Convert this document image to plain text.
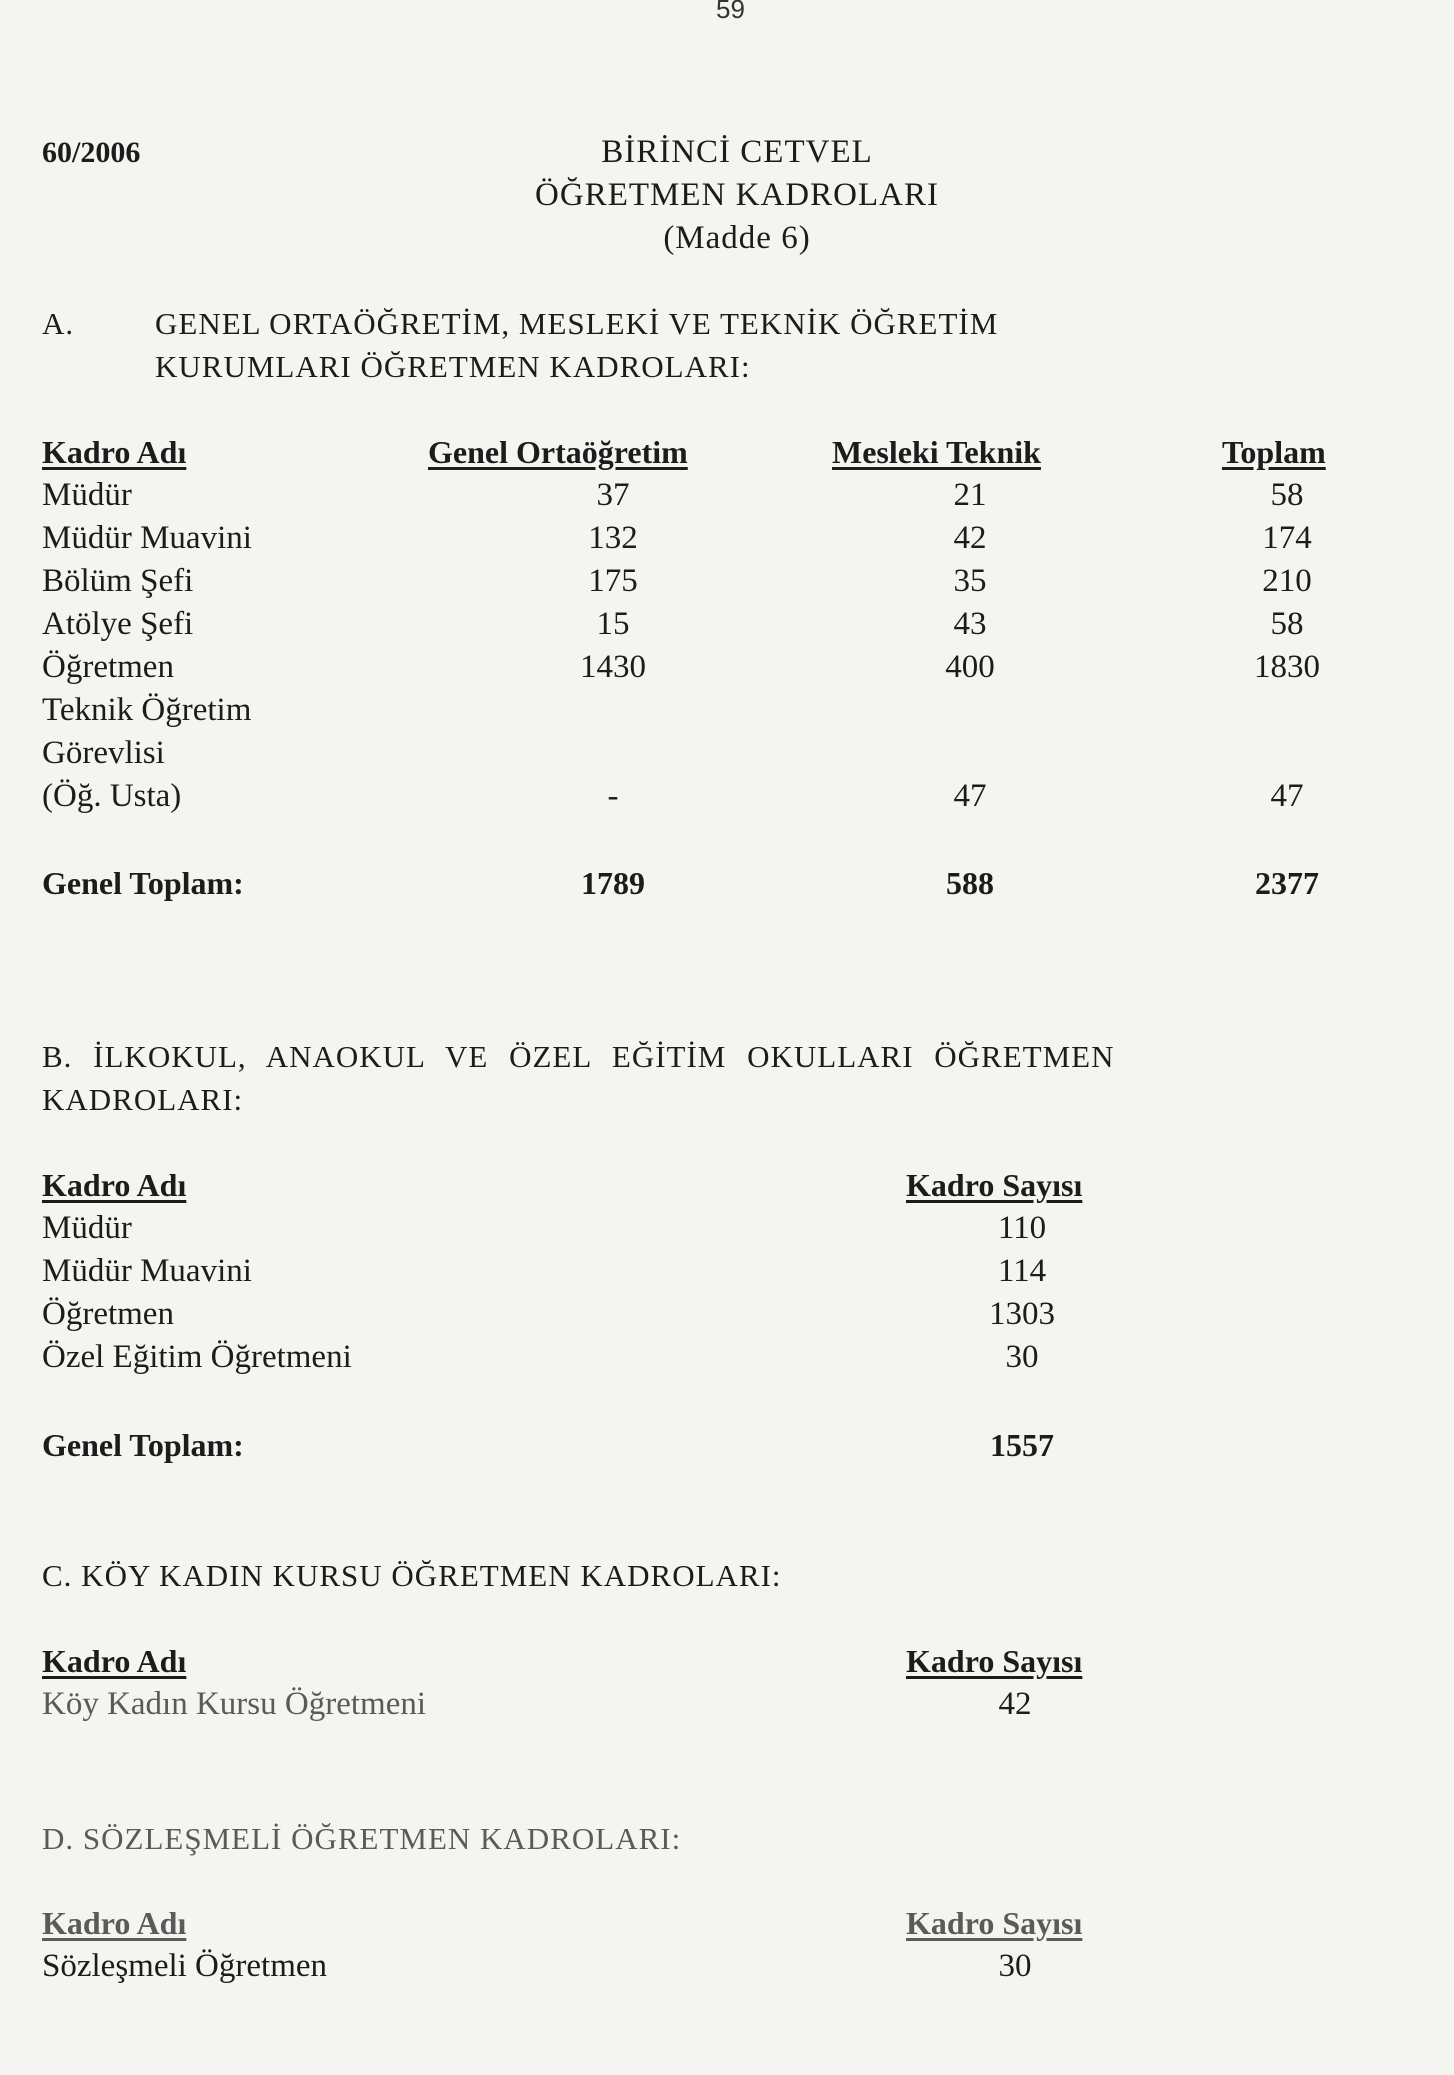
59
60/2006	BİRİNCİ CETVEL
ÖĞRETMEN KADROLARI
(Madde 6)
A.	GENEL ORTAÖĞRETİM, MESLEKİ VE TEKNİK ÖĞRETİM
KURUMLARI ÖĞRETMEN KADROLARI:
Kadro Adı	Genel Ortaöğretim	Mesleki Teknik	Toplam
Müdür	37	21	58
Müdür Muavini	132	42	174
Bölüm Şefi	175	35	210
Atölye Şefi	15	43	58
Öğretmen	1430	400	1830
Teknik Öğretim
Görevlisi
(Öğ. Usta)	-	47	47
Genel Toplam:	1789	588	2377
B. İLKOKUL, ANAOKUL VE ÖZEL EĞİTİM OKULLARI ÖĞRETMEN
KADROLARI:
Kadro Adı	Kadro Sayısı
Müdür	110
Müdür Muavini	114
Öğretmen	1303
Özel Eğitim Öğretmeni	30
Genel Toplam:	1557
C. KÖY KADIN KURSU ÖĞRETMEN KADROLARI:
Kadro Adı	Kadro Sayısı
Köy Kadın Kursu Öğretmeni	42
D. SÖZLEŞMELİ ÖĞRETMEN KADROLARI:
Kadro Adı	Kadro Sayısı
Sözleşmeli Öğretmen	30
